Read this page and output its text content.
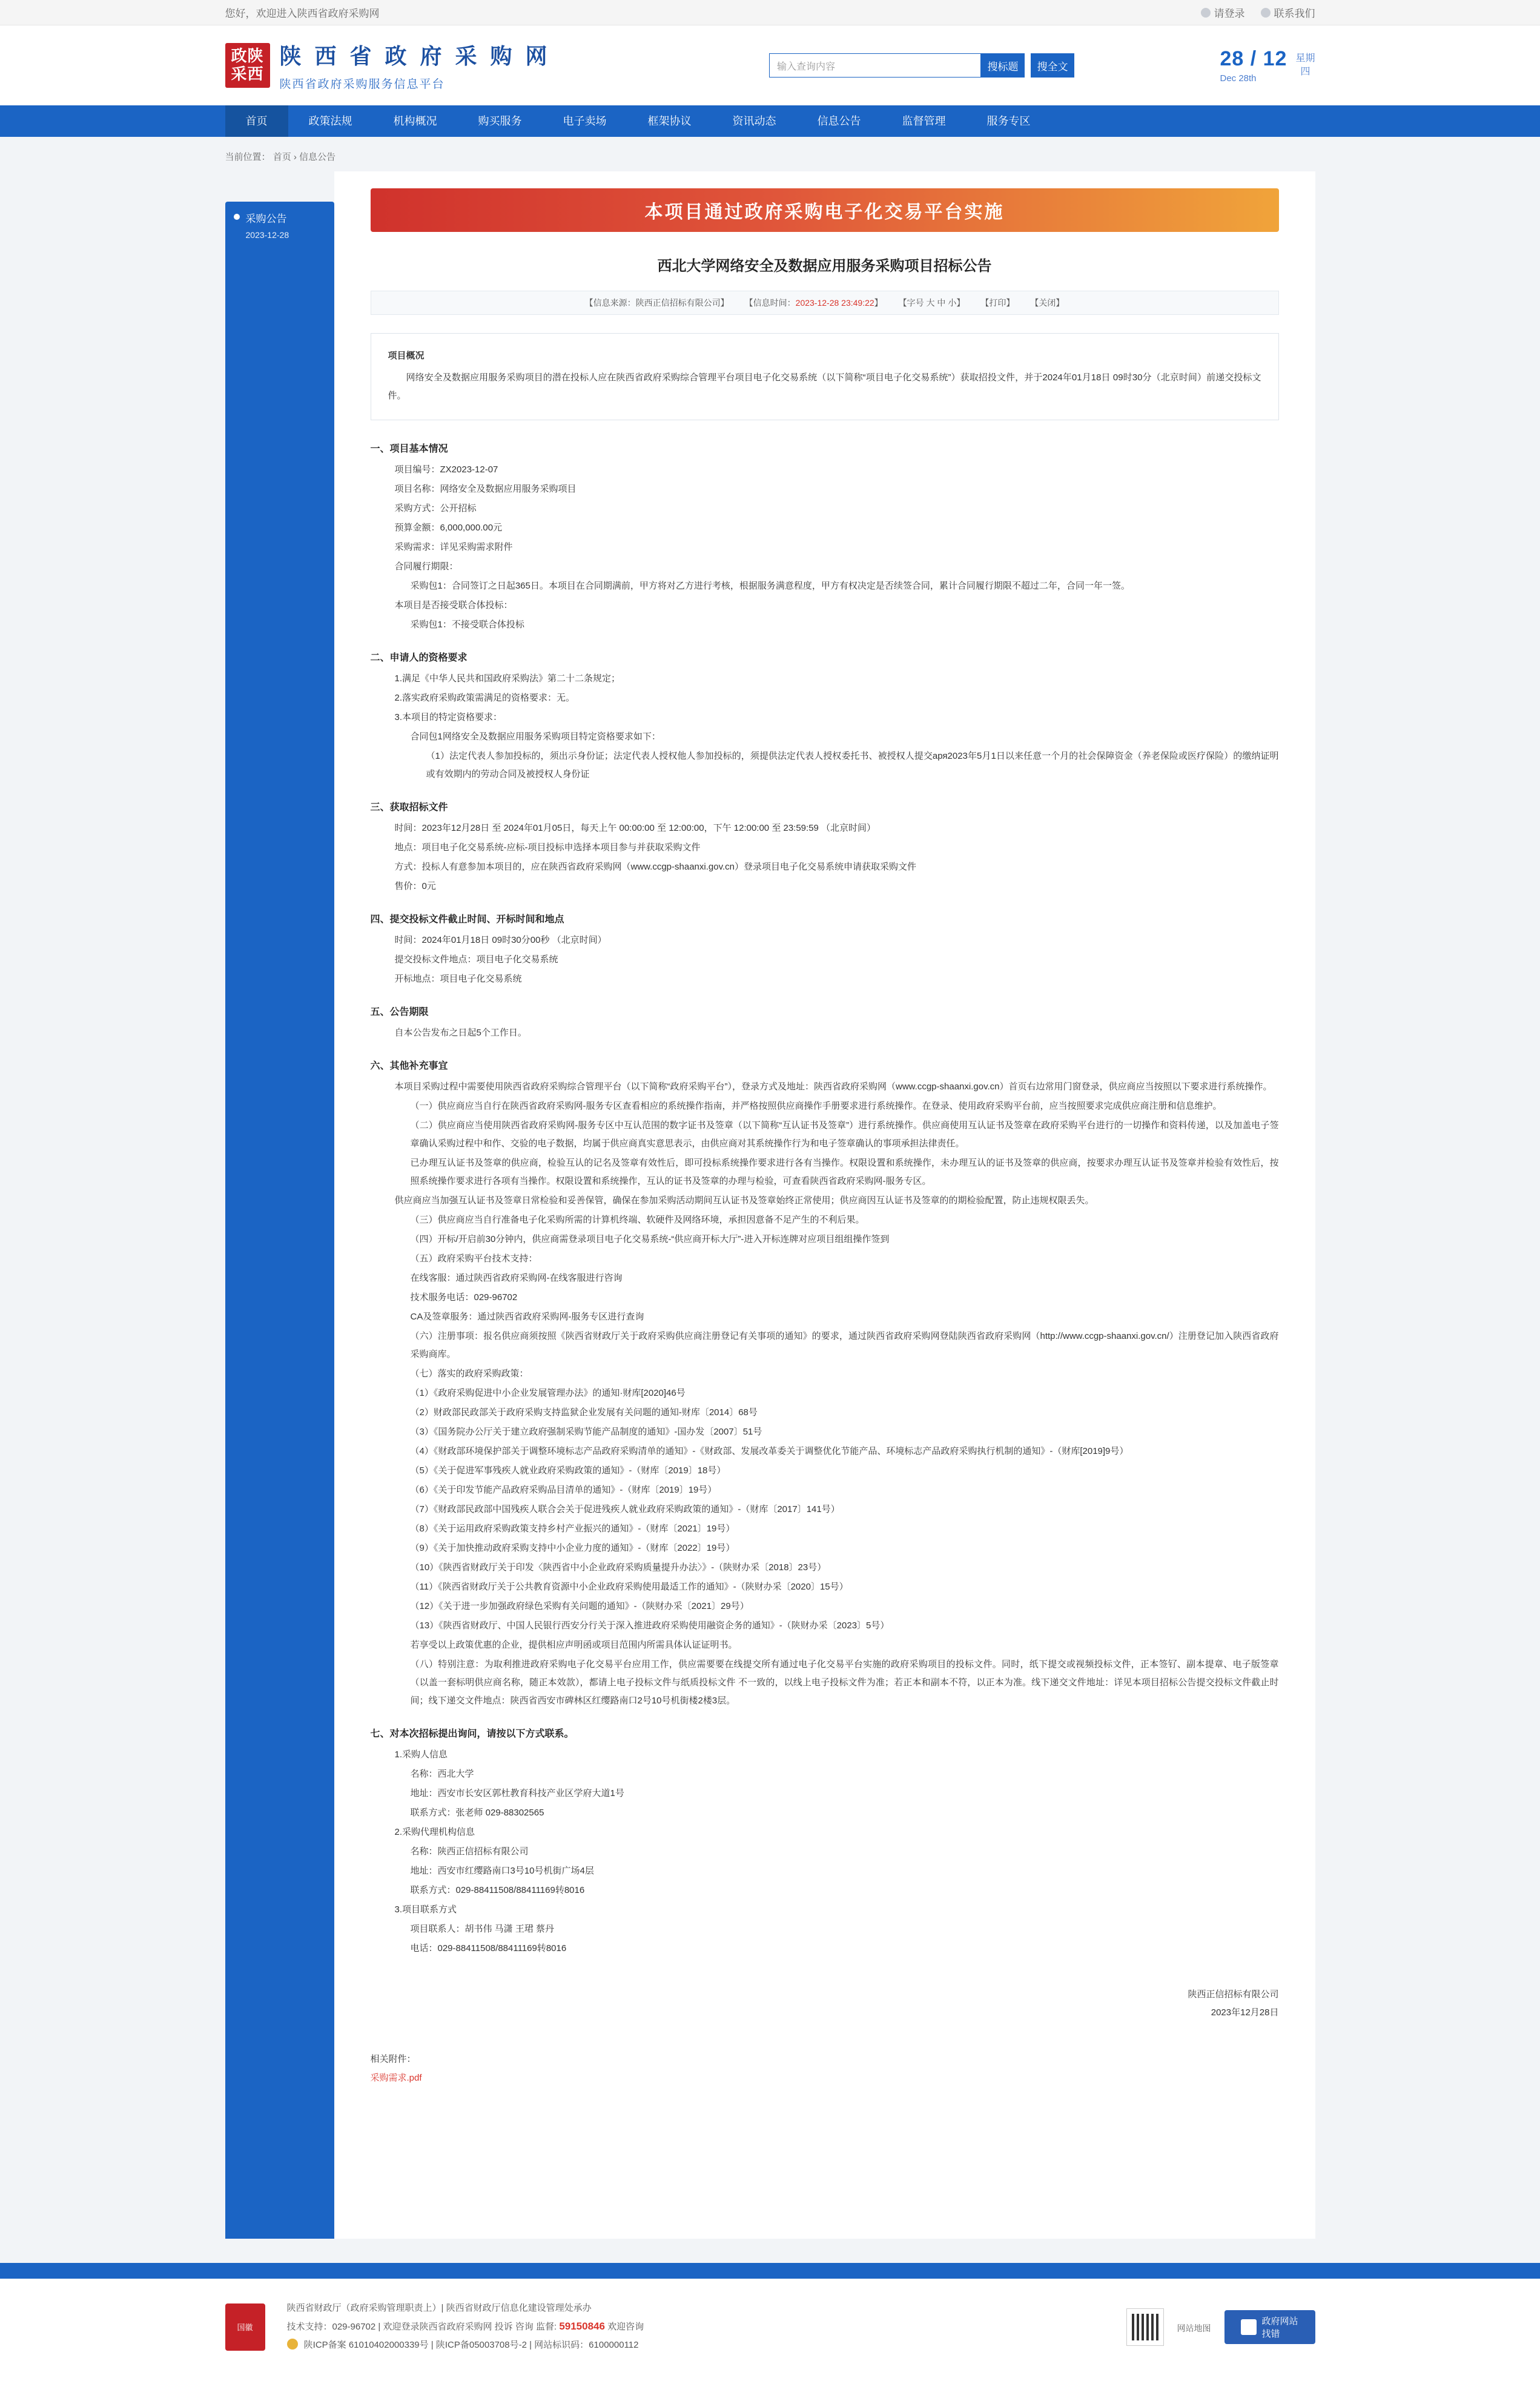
您好，欢迎进入陕西省政府采购网	请登录	联系我们
政陕
采西
陕 西 省 政 府 采 购 网
陕西省政府采购服务信息平台
输入查询内容	搜标题	搜全文	28 / 12
Dec 28th
星期
四
首页	政策法规	机构概况	购买服务	电子卖场	框架协议	资讯动态	信息公告	监督管理	服务专区
当前位置： 首页 › 信息公告
采购公告
2023-12-28
本项目通过政府采购电子化交易平台实施
西北大学网络安全及数据应用服务采购项目招标公告
【信息来源：陕西正信招标有限公司】 【信息时间：2023-12-28 23:49:22】 【字号 大 中 小】 【打印】 【关闭】
项目概况
网络安全及数据应用服务采购项目的潜在投标人应在陕西省政府采购综合管理平台项目电子化交易系统（以下简称“项目电子化交易系统”）获取招投文件，并于2024年01月18日 09时30分（北京时间）前递交投标文件。
一、项目基本情况

项目编号：ZX2023-12-07

项目名称：网络安全及数据应用服务采购项目

采购方式：公开招标

预算金额：6,000,000.00元

采购需求：详见采购需求附件

合同履行期限：

采购包1：合同签订之日起365日。本项目在合同期满前，甲方将对乙方进行考核，根据服务满意程度，甲方有权决定是否续签合同，累计合同履行期限不超过二年，合同一年一签。

本项目是否接受联合体投标：

采购包1：不接受联合体投标

二、申请人的资格要求

1.满足《中华人民共和国政府采购法》第二十二条规定；

2.落实政府采购政策需满足的资格要求：无。

3.本项目的特定资格要求：

合同包1网络安全及数据应用服务采购项目特定资格要求如下：

（1）法定代表人参加投标的，须出示身份证；法定代表人授权他人参加投标的，须提供法定代表人授权委托书、被授权人提交аря2023年5月1日以来任意一个月的社会保障资金（养老保险或医疗保险）的缴纳证明或有效期内的劳动合同及被授权人身份证

三、获取招标文件

时间：2023年12月28日 至 2024年01月05日，每天上午 00:00:00 至 12:00:00，下午 12:00:00 至 23:59:59 （北京时间）

地点：项目电子化交易系统-应标-项目投标申选择本项目参与并获取采购文件

方式：投标人有意参加本项目的，应在陕西省政府采购网（www.ccgp-shaanxi.gov.cn）登录项目电子化交易系统申请获取采购文件

售价：0元

四、提交投标文件截止时间、开标时间和地点

时间：2024年01月18日 09时30分00秒 （北京时间）

提交投标文件地点：项目电子化交易系统

开标地点：项目电子化交易系统

五、公告期限

自本公告发布之日起5个工作日。

六、其他补充事宜

本项目采购过程中需要使用陕西省政府采购综合管理平台（以下简称“政府采购平台”），登录方式及地址：陕西省政府采购网（www.ccgp-shaanxi.gov.cn）首页右边常用门窗登录，供应商应当按照以下要求进行系统操作。

（一）供应商应当自行在陕西省政府采购网-服务专区查看相应的系统操作指南，并严格按照供应商操作手册要求进行系统操作。在登录、使用政府采购平台前，应当按照要求完成供应商注册和信息维护。

（二）供应商应当使用陕西省政府采购网-服务专区中互认范围的数字证书及签章（以下简称“互认证书及签章”）进行系统操作。供应商使用互认证书及签章在政府采购平台进行的一切操作和资料传递，以及加盖电子签章确认采购过程中和作、交验的电子数据，均属于供应商真实意思表示，由供应商对其系统操作行为和电子签章确认的事项承担法律责任。

已办理互认证书及签章的供应商，检验互认的记名及签章有效性后，即可投标系统操作要求进行各有当操作。权限设置和系统操作，未办理互认的证书及签章的供应商，按要求办理互认证书及签章并检验有效性后，按照系统操作要求进行各项有当操作。权限设置和系统操作，互认的证书及签章的办理与检验，可查看陕西省政府采购网-服务专区。

供应商应当加强互认证书及签章日常检验和妥善保管，确保在参加采购活动期间互认证书及签章始终正常使用；供应商因互认证书及签章的的期检验配置，防止违规权限丢失。

（三）供应商应当自行准备电子化采购所需的计算机终端、软硬件及网络环境，承担因意备不足产生的不利后果。

（四）开标/开启前30分钟内，供应商需登录项目电子化交易系统-“供应商开标大厅”-进入开标连牌对应项目组组操作签到

（五）政府采购平台技术支持：

在线客服：通过陕西省政府采购网-在线客服进行咨询

技术服务电话：029-96702

CA及签章服务：通过陕西省政府采购网-服务专区进行查询

（六）注册事项：报名供应商须按照《陕西省财政厅关于政府采购供应商注册登记有关事项的通知》的要求，通过陕西省政府采购网登陆陕西省政府采购网（http://www.ccgp-shaanxi.gov.cn/）注册登记加入陕西省政府采购商库。

（七）落实的政府采购政策：

（1）《政府采购促进中小企业发展管理办法》的通知·财库[2020]46号

（2）财政部民政部关于政府采购支持监狱企业发展有关问题的通知-财库〔2014〕68号

（3）《国务院办公厅关于建立政府强制采购节能产品制度的通知》-国办发〔2007〕51号

（4）《财政部环境保护部关于调整环境标志产品政府采购清单的通知》-《财政部、发展改革委关于调整优化节能产品、环境标志产品政府采购执行机制的通知》-（财库[2019]9号）

（5）《关于促进军事残疾人就业政府采购政策的通知》-（财库〔2019〕18号）

（6）《关于印发节能产品政府采购品目清单的通知》-（财库〔2019〕19号）

（7）《财政部民政部中国残疾人联合会关于促进残疾人就业政府采购政策的通知》-（财库〔2017〕141号）

（8）《关于运用政府采购政策支持乡村产业振兴的通知》-（财库〔2021〕19号）

（9）《关于加快推动政府采购支持中小企业力度的通知》-（财库〔2022〕19号）

（10）《陕西省财政厅关于印发〈陕西省中小企业政府采购质量提升办法〉》-（陕财办采〔2018〕23号）

（11）《陕西省财政厅关于公共教育资源中小企业政府采购使用最适工作的通知》-（陕财办采〔2020〕15号）

（12）《关于进一步加强政府绿色采购有关问题的通知》-（陕财办采〔2021〕29号）

（13）《陕西省财政厅、中国人民银行西安分行关于深入推进政府采购使用融资企务的通知》-（陕财办采〔2023〕5号）

若享受以上政策优惠的企业，提供相应声明函或项目范围内所需具体认证证明书。

（八）特别注意：为取利推进政府采购电子化交易平台应用工作，供应需要要在线提交所有通过电子化交易平台实施的政府采购项目的投标文件。同时，纸下提交或视频投标文件，正本签钌、副本提章、电子版签章（以盖一套标明供应商名称，随正本效款），都请上电子投标文件与纸质投标文件 不一致的，以线上电子投标文件为准；若正本和副本不符，以正本为准。线下递交文件地址：详见本项目招标公告提交投标文件截止时间；线下递交文件地点：陕西省西安市碑林区红缨路南口2号10号机街楼2楼3层。

七、对本次招标提出询问，请按以下方式联系。

1.采购人信息

名称：西北大学

地址：西安市长安区郭杜教育科技产业区学府大道1号

联系方式：张老师 029-88302565

2.采购代理机构信息

名称：陕西正信招标有限公司

地址：西安市红缨路南口3号10号机街广场4层

联系方式：029-88411508/88411169转8016

3.项目联系方式

项目联系人：胡书伟 马潇 王珺 蔡丹

电话：029-88411508/88411169转8016

陕西正信招标有限公司
2023年12月28日
相关附件：
采购需求.pdf
国徽
陕西省财政厅（政府采购管理职责上）| 陕西省财政厅信息化建设管理处承办
技术支持：029-96702 | 欢迎登录陕西省政府采购网 投诉 咨询 监督: 59150846 欢迎咨询
陕ICP备案 61010402000339号 | 陕ICP备05003708号-2 | 网站标识码：6100000112
网站地图
政府网站
找错
